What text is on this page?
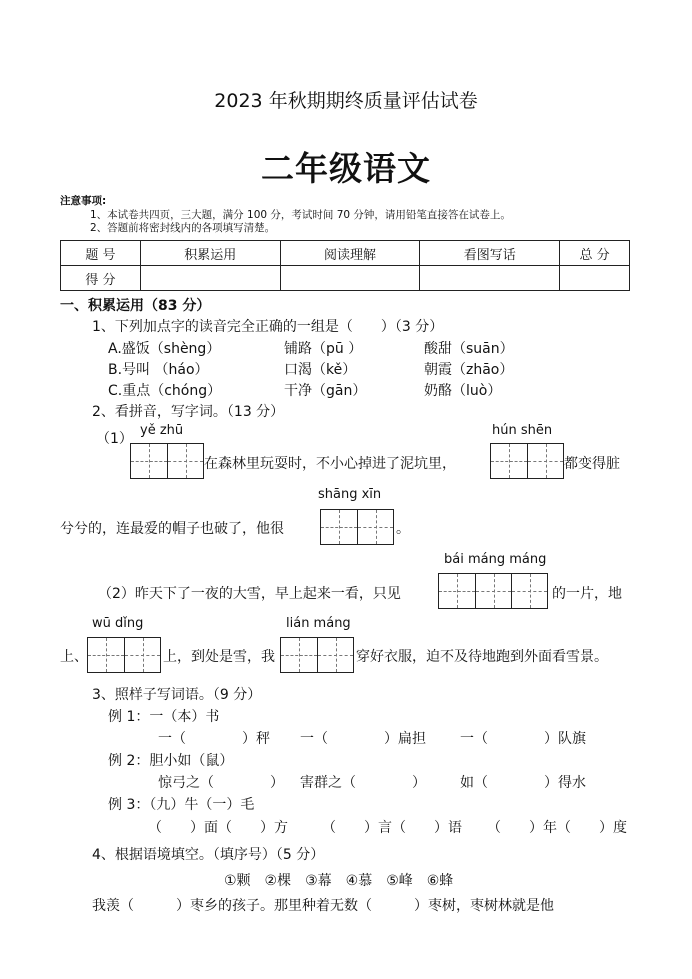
2023 年秋期期终质量评估试卷
二年级语文
注意事项:
1、本试卷共四页，三大题，满分 100 分，考试时间 70 分钟，请用铅笔直接答在试卷上。
2、答题前将密封线内的各项填写清楚。
题 号	积累运用	阅读理解	看图写话	总 分
得 分				
一、积累运用（83 分）
1、下列加点字的读音完全正确的一组是（　　）（3 分）
A.盛饭（shèng）	铺路（pū ）	酸甜（suān）
B.号叫 （háo）	口渴（kě）	朝霞（zhāo）
C.重点（chóng）	干净（gān）	奶酪（luò）
2、看拼音，写字词。（13 分）
yě zhū
（1）
在森林里玩耍时，不小心掉进了泥坑里，
hún shēn
都变得脏
shāng xīn
兮兮的，连最爱的帽子也破了，他很	。
bái máng máng
（2）昨天下了一夜的大雪，早上起来一看，只见	的一片，地
wū dǐng	lián máng
上、	上，到处是雪，我	穿好衣服，迫不及待地跑到外面看雪景。
3、照样子写词语。（9 分）
例 1：一（本）书
一（　　　　）秤 一（　　　　）扁担 一（　　　　）队旗
例 2：胆小如（鼠）
惊弓之（　　　　） 害群之（　　　　） 如（　　　　）得水
例 3：（九）牛（一）毛
（　　）面（　　）方 （　　）言（　　）语 （　　）年（　　）度
4、根据语境填空。（填序号）（5 分）
①颗　②棵　③幕　④慕　⑤峰　⑥蜂
我羡（　　　）枣乡的孩子。那里种着无数（　　　）枣树，枣树林就是他
